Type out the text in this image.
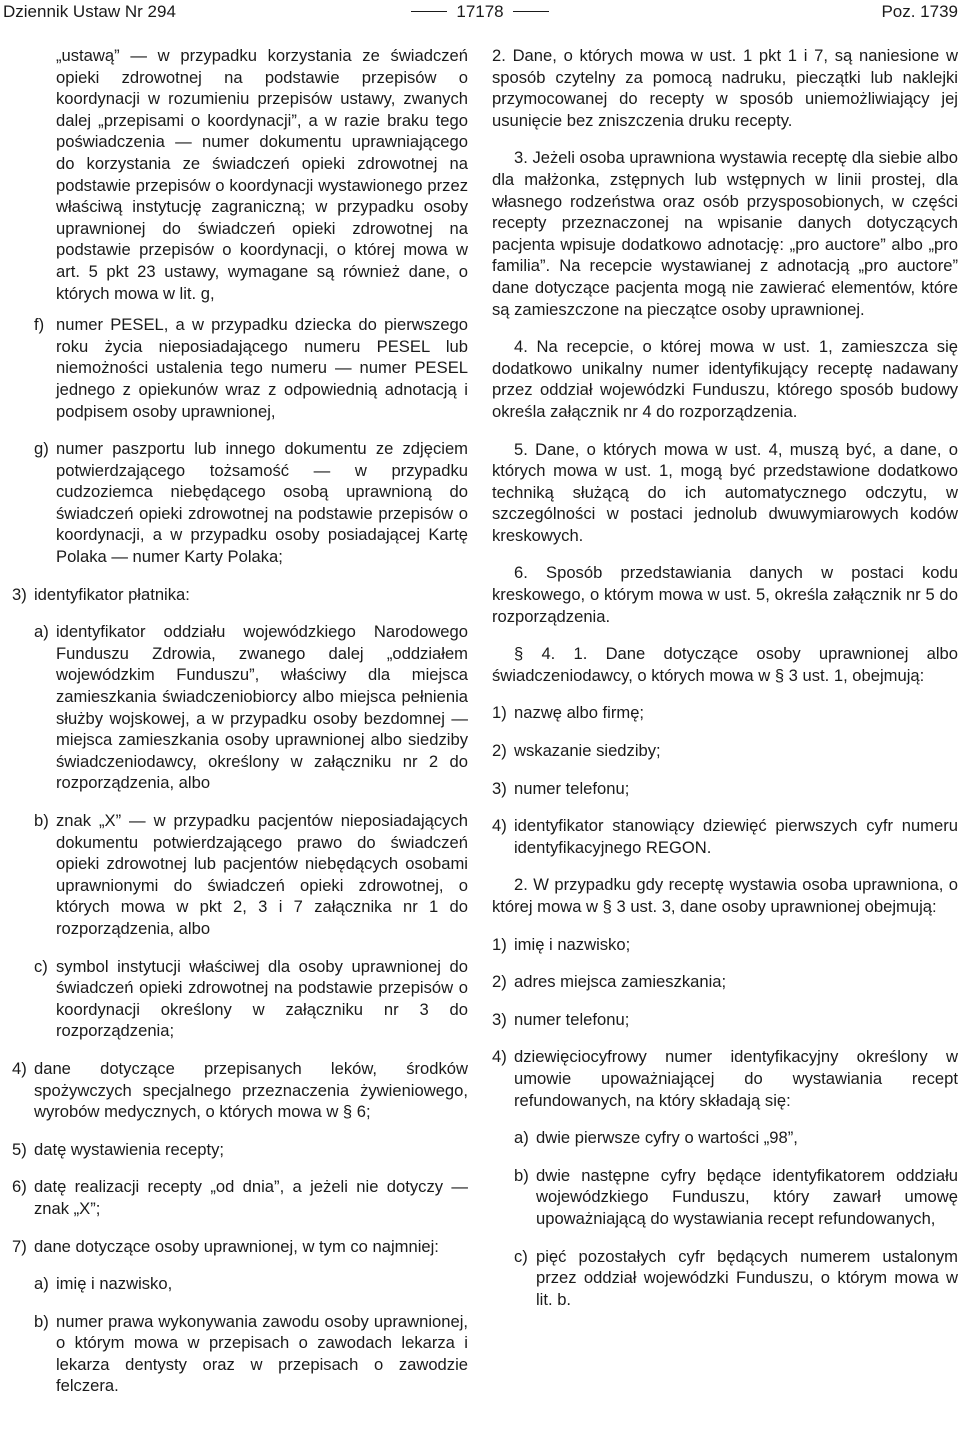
Dziennik Ustaw Nr 294	17178	Poz. 1739

„ustawą” — w przypadku korzystania ze świadczeń opieki zdrowotnej na podstawie przepisów o koordynacji w rozumieniu przepisów ustawy, zwanych dalej „przepisami o koordynacji”, a w razie braku tego poświadczenia — numer dokumentu uprawniającego do korzystania ze świadczeń opieki zdrowotnej na podstawie przepisów o koordynacji wystawionego przez właściwą instytucję zagraniczną; w przypadku osoby uprawnionej do świadczeń opieki zdrowotnej na podstawie przepisów o koordynacji, o której mowa w art. 5 pkt 23 ustawy, wymagane są również dane, o których mowa w lit. g,

f) numer PESEL, a w przypadku dziecka do pierwszego roku życia nieposiadającego numeru PESEL lub niemożności ustalenia tego numeru — numer PESEL jednego z opiekunów wraz z odpowiednią adnotacją i podpisem osoby uprawnionej,

g) numer paszportu lub innego dokumentu ze zdjęciem potwierdzającego tożsamość — w przypadku cudzoziemca niebędącego osobą uprawnioną do świadczeń opieki zdrowotnej na podstawie przepisów o koordynacji, a w przypadku osoby posiadającej Kartę Polaka — numer Karty Polaka;

3) identyfikator płatnika:

a) identyfikator oddziału wojewódzkiego Narodowego Funduszu Zdrowia, zwanego dalej „oddziałem wojewódzkim Funduszu”, właściwy dla miejsca zamieszkania świadczeniobiorcy albo miejsca pełnienia służby wojskowej, a w przypadku osoby bezdomnej — miejsca zamieszkania osoby uprawnionej albo siedziby świadczeniodawcy, określony w załączniku nr 2 do rozporządzenia, albo

b) znak „X” — w przypadku pacjentów nieposiadających dokumentu potwierdzającego prawo do świadczeń opieki zdrowotnej lub pacjentów niebędących osobami uprawnionymi do świadczeń opieki zdrowotnej, o których mowa w pkt 2, 3 i 7 załącznika nr 1 do rozporządzenia, albo

c) symbol instytucji właściwej dla osoby uprawnionej do świadczeń opieki zdrowotnej na podstawie przepisów o koordynacji określony w załączniku nr 3 do rozporządzenia;

4) dane dotyczące przepisanych leków, środków spożywczych specjalnego przeznaczenia żywieniowego, wyrobów medycznych, o których mowa w § 6;

5) datę wystawienia recepty;

6) datę realizacji recepty „od dnia”, a jeżeli nie dotyczy — znak „X”;

7) dane dotyczące osoby uprawnionej, w tym co najmniej:

a) imię i nazwisko,

b) numer prawa wykonywania zawodu osoby uprawnionej, o którym mowa w przepisach o zawodach lekarza i lekarza dentysty oraz w przepisach o zawodzie felczera.

2. Dane, o których mowa w ust. 1 pkt 1 i 7, są naniesione w sposób czytelny za pomocą nadruku, pieczątki lub naklejki przymocowanej do recepty w sposób uniemożliwiający jej usunięcie bez zniszczenia druku recepty.

3. Jeżeli osoba uprawniona wystawia receptę dla siebie albo dla małżonka, zstępnych lub wstępnych w linii prostej, dla własnego rodzeństwa oraz osób przysposobionych, w części recepty przeznaczonej na wpisanie danych dotyczących pacjenta wpisuje dodatkowo adnotację: „pro auctore” albo „pro familia”. Na recepcie wystawianej z adnotacją „pro auctore” dane dotyczące pacjenta mogą nie zawierać elementów, które są zamieszczone na pieczątce osoby uprawnionej.

4. Na recepcie, o której mowa w ust. 1, zamieszcza się dodatkowo unikalny numer identyfikujący receptę nadawany przez oddział wojewódzki Funduszu, którego sposób budowy określa załącznik nr 4 do rozporządzenia.

5. Dane, o których mowa w ust. 4, muszą być, a dane, o których mowa w ust. 1, mogą być przedstawione dodatkowo techniką służącą do ich automatycznego odczytu, w szczególności w postaci jednolub dwuwymiarowych kodów kreskowych.

6. Sposób przedstawiania danych w postaci kodu kreskowego, o którym mowa w ust. 5, określa załącznik nr 5 do rozporządzenia.

§ 4. 1. Dane dotyczące osoby uprawnionej albo świadczeniodawcy, o których mowa w § 3 ust. 1, obejmują:

1) nazwę albo firmę;

2) wskazanie siedziby;

3) numer telefonu;

4) identyfikator stanowiący dziewięć pierwszych cyfr numeru identyfikacyjnego REGON.

2. W przypadku gdy receptę wystawia osoba uprawniona, o której mowa w § 3 ust. 3, dane osoby uprawnionej obejmują:

1) imię i nazwisko;

2) adres miejsca zamieszkania;

3) numer telefonu;

4) dziewięciocyfrowy numer identyfikacyjny określony w umowie upoważniającej do wystawiania recept refundowanych, na który składają się:

a) dwie pierwsze cyfry o wartości „98”,

b) dwie następne cyfry będące identyfikatorem oddziału wojewódzkiego Funduszu, który zawarł umowę upoważniającą do wystawiania recept refundowanych,

c) pięć pozostałych cyfr będących numerem ustalonym przez oddział wojewódzki Funduszu, o którym mowa w lit. b.
